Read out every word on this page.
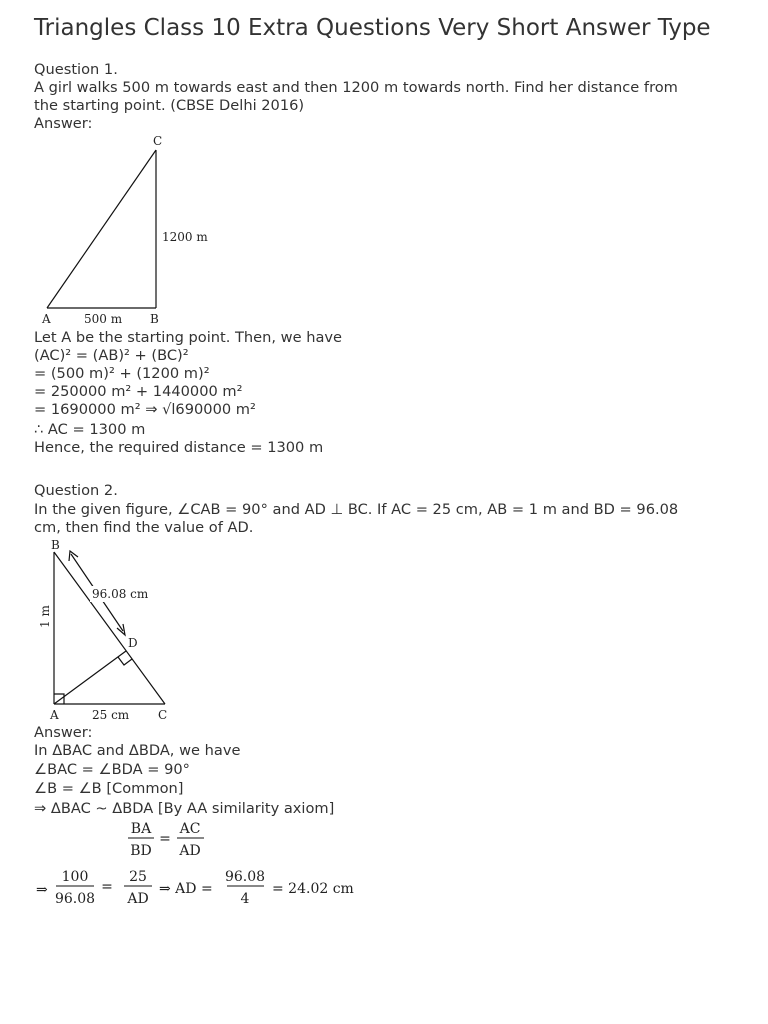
Triangles Class 10 Extra Questions Very Short Answer Type
Question 1.
A girl walks 500 m towards east and then 1200 m towards north. Find her distance from
the starting point. (CBSE Delhi 2016)
Answer:
C
1200 m
A	500 m B
Let A be the starting point. Then, we have
(AC)² = (AB)² + (BC)²
= (500 m)² + (1200 m)²
= 250000 m² + 1440000 m²
= 1690000 m² ⇒ √l690000 m²
∴ AC = 1300 m
Hence, the required distance = 1300 m
Question 2.
In the given figure, ∠CAB = 90° and AD ⊥ BC. If AC = 25 cm, AB = 1 m and BD = 96.08
cm, then find the value of AD.
B
96.08 cm
D
1 m
A	25 cm C
Answer:
In ΔBAC and ΔBDA, we have
∠BAC = ∠BDA = 90°
∠B = ∠B [Common]
⇒ ΔBAC ~ ΔBDA [By AA similarity axiom]
BA
BD
=
AC
AD
⇒
100
96.08
=
25
AD
⇒ AD =
96.08
4
= 24.02 cm
